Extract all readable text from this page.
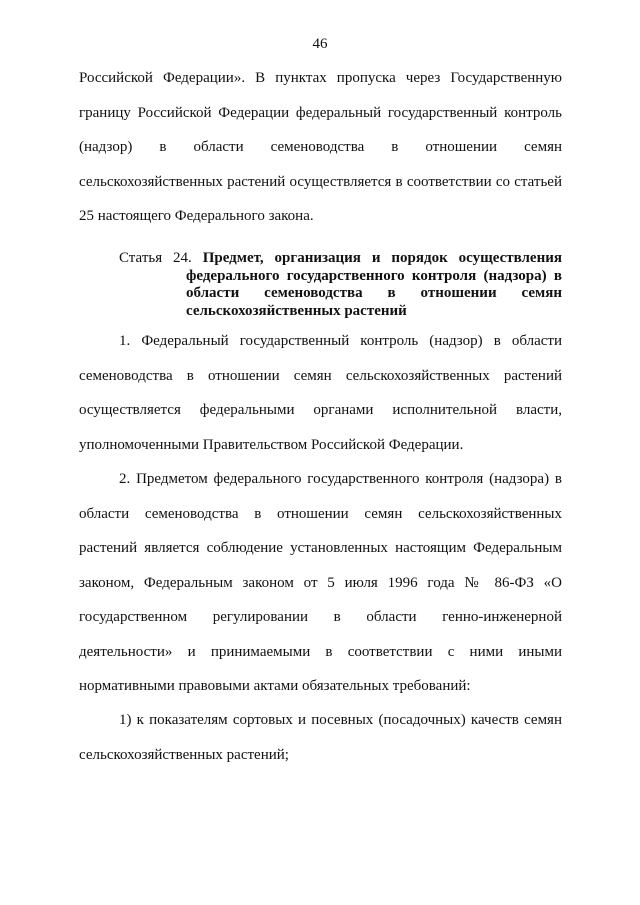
46
Российской Федерации». В пунктах пропуска через Государственную
границу Российской Федерации федеральный государственный контроль
(надзор) в области семеноводства в отношении семян
сельскохозяйственных растений осуществляется в соответствии со статьей
25 настоящего Федерального закона.
Статья 24. Предмет, организация и порядок осуществления
федерального государственного контроля (надзора) в
области семеноводства в отношении семян
сельскохозяйственных растений
1. Федеральный государственный контроль (надзор) в области
семеноводства в отношении семян сельскохозяйственных растений
осуществляется федеральными органами исполнительной власти,
уполномоченными Правительством Российской Федерации.
2. Предметом федерального государственного контроля (надзора) в
области семеноводства в отношении семян сельскохозяйственных
растений является соблюдение установленных настоящим Федеральным
законом, Федеральным законом от 5 июля 1996 года № 86-ФЗ «О
государственном регулировании в области генно-инженерной
деятельности» и принимаемыми в соответствии с ними иными
нормативными правовыми актами обязательных требований:
1) к показателям сортовых и посевных (посадочных) качеств семян
сельскохозяйственных растений;
